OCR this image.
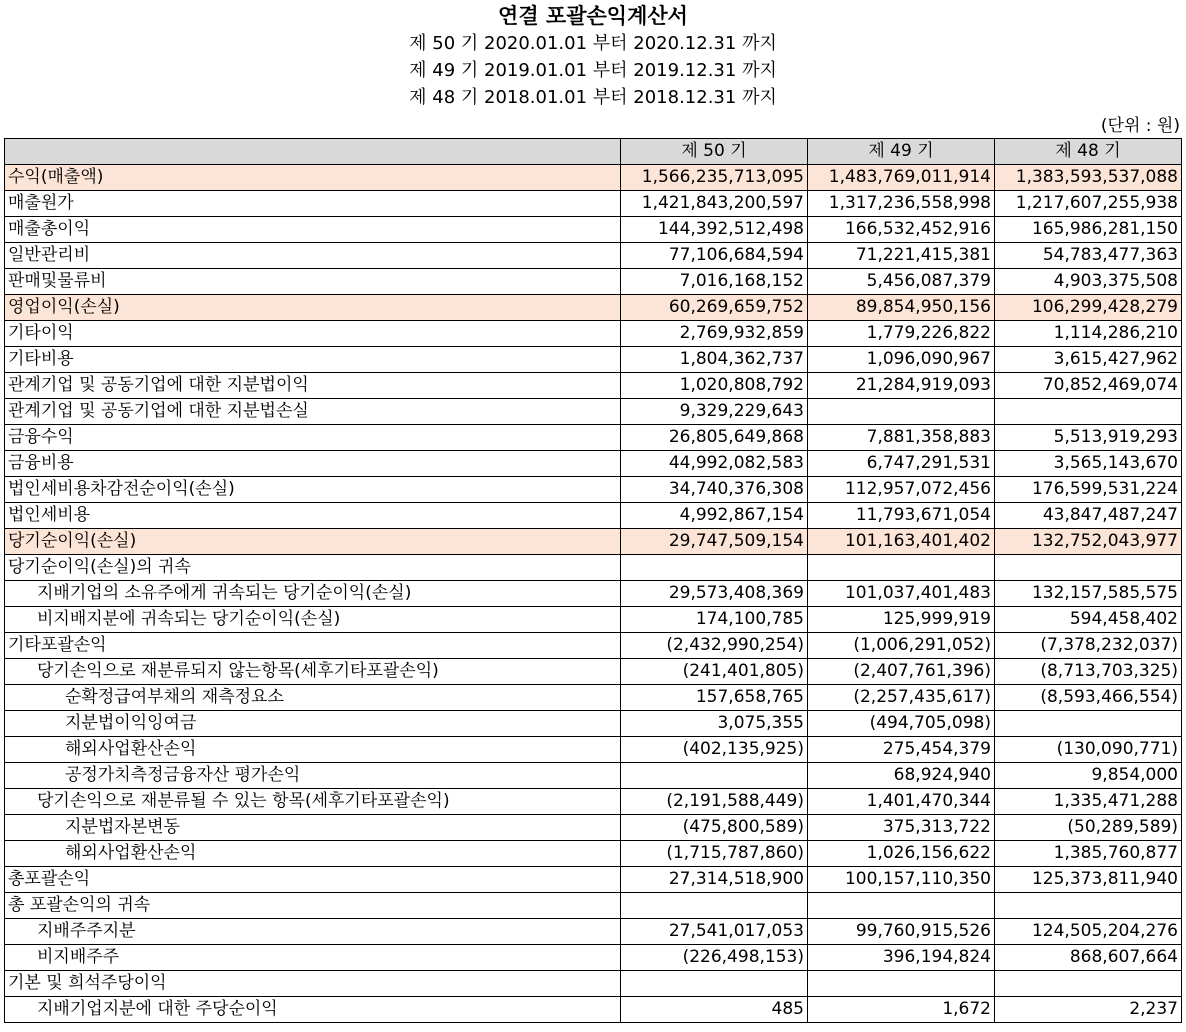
연결 포괄손익계산서
제 50 기 2020.01.01 부터 2020.12.31 까지
제 49 기 2019.01.01 부터 2019.12.31 까지
제 48 기 2018.01.01 부터 2018.12.31 까지
(단위 : 원)
	제 50 기	제 49 기	제 48 기
수익(매출액)	1,566,235,713,095	1,483,769,011,914	1,383,593,537,088
매출원가	1,421,843,200,597	1,317,236,558,998	1,217,607,255,938
매출총이익	144,392,512,498	166,532,452,916	165,986,281,150
일반관리비	77,106,684,594	71,221,415,381	54,783,477,363
판매및물류비	7,016,168,152	5,456,087,379	4,903,375,508
영업이익(손실)	60,269,659,752	89,854,950,156	106,299,428,279
기타이익	2,769,932,859	1,779,226,822	1,114,286,210
기타비용	1,804,362,737	1,096,090,967	3,615,427,962
관계기업 및 공동기업에 대한 지분법이익	1,020,808,792	21,284,919,093	70,852,469,074
관계기업 및 공동기업에 대한 지분법손실	9,329,229,643		
금융수익	26,805,649,868	7,881,358,883	5,513,919,293
금융비용	44,992,082,583	6,747,291,531	3,565,143,670
법인세비용차감전순이익(손실)	34,740,376,308	112,957,072,456	176,599,531,224
법인세비용	4,992,867,154	11,793,671,054	43,847,487,247
당기순이익(손실)	29,747,509,154	101,163,401,402	132,752,043,977
당기순이익(손실)의 귀속			
지배기업의 소유주에게 귀속되는 당기순이익(손실)	29,573,408,369	101,037,401,483	132,157,585,575
비지배지분에 귀속되는 당기순이익(손실)	174,100,785	125,999,919	594,458,402
기타포괄손익	(2,432,990,254)	(1,006,291,052)	(7,378,232,037)
당기손익으로 재분류되지 않는항목(세후기타포괄손익)	(241,401,805)	(2,407,761,396)	(8,713,703,325)
순확정급여부채의 재측정요소	157,658,765	(2,257,435,617)	(8,593,466,554)
지분법이익잉여금	3,075,355	(494,705,098)	
해외사업환산손익	(402,135,925)	275,454,379	(130,090,771)
공정가치측정금융자산 평가손익		68,924,940	9,854,000
당기손익으로 재분류될 수 있는 항목(세후기타포괄손익)	(2,191,588,449)	1,401,470,344	1,335,471,288
지분법자본변동	(475,800,589)	375,313,722	(50,289,589)
해외사업환산손익	(1,715,787,860)	1,026,156,622	1,385,760,877
총포괄손익	27,314,518,900	100,157,110,350	125,373,811,940
총 포괄손익의 귀속			
지배주주지분	27,541,017,053	99,760,915,526	124,505,204,276
비지배주주	(226,498,153)	396,194,824	868,607,664
기본 및 희석주당이익			
지배기업지분에 대한 주당순이익	485	1,672	2,237
